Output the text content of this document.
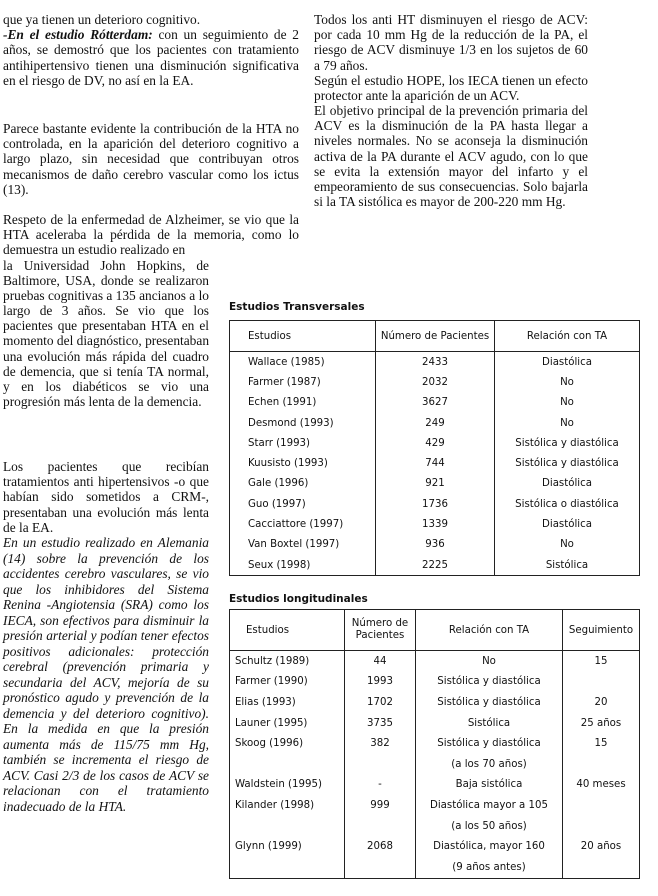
que ya tienen un deterioro cognitivo.
-En el estudio Rótterdam: con un seguimiento de 2 años, se demostró que los pacientes con tratamiento antihipertensivo tienen una disminución significativa en el riesgo de DV, no así en la EA.
Parece bastante evidente la contribución de la HTA no controlada, en la aparición del deterioro cognitivo a largo plazo, sin necesidad que contribuyan otros mecanismos de daño cerebro vascular como los ictus (13).
Respeto de la enfermedad de Alzheimer, se vio que la HTA aceleraba la pérdida de la memoria, como lo demuestra un estudio realizado en
la Universidad John Hopkins, de Baltimore, USA, donde se realizaron pruebas cognitivas a 135 ancianos a lo largo de 3 años. Se vio que los pacientes que presentaban HTA en el momento del diagnóstico, presentaban una evolución más rápida del cuadro de demencia, que si tenía TA normal, y en los diabéticos se vio una progresión más lenta de la demencia.
Los pacientes que recibían tratamientos anti hipertensivos -o que habían sido sometidos a CRM-, presentaban una evolución más lenta de la EA.
En un estudio realizado en Alemania (14) sobre la prevención de los accidentes cerebro vasculares, se vio que los inhibidores del Sistema Renina -Angiotensia (SRA) como los IECA, son efectivos para disminuir la presión arterial y podían tener efectos positivos adicionales: protección cerebral (prevención primaria y secundaria del ACV, mejoría de su pronóstico agudo y prevención de la demencia y del deterioro cognitivo). En la medida en que la presión aumenta más de 115/75 mm Hg, también se incrementa el riesgo de ACV. Casi 2/3 de los casos de ACV se relacionan con el tratamiento inadecuado de la HTA.
Todos los anti HT disminuyen el riesgo de ACV: por cada 10 mm Hg de la reducción de la PA, el riesgo de ACV disminuye 1/3 en los sujetos de 60 a 79 años.
Según el estudio HOPE, los IECA tienen un efecto protector ante la aparición de un ACV.
El objetivo principal de la prevención primaria del ACV es la disminución de la PA hasta llegar a niveles normales. No se aconseja la disminución activa de la PA durante el ACV agudo, con lo que se evita la extensión mayor del infarto y el empeoramiento de sus consecuencias. Solo bajarla si la TA sistólica es mayor de 200-220 mm Hg.
Estudios Transversales
Estudios	Número de Pacientes	Relación con TA
Wallace (1985)	2433	Diastólica
Farmer (1987)	2032	No
Echen (1991)	3627	No
Desmond (1993)	249	No
Starr (1993)	429	Sistólica y diastólica
Kuusisto (1993)	744	Sistólica y diastólica
Gale (1996)	921	Diastólica
Guo (1997)	1736	Sistólica o diastólica
Cacciattore (1997)	1339	Diastólica
Van Boxtel (1997)	936	No
Seux (1998)	2225	Sistólica
Estudios longitudinales
Estudios	Número de Pacientes	Relación con TA	Seguimiento
Schultz (1989)	44	No	15
Farmer (1990)	1993	Sistólica y diastólica	
Elias (1993)	1702	Sistólica y diastólica	20
Launer (1995)	3735	Sistólica	25 años
Skoog (1996)	382	Sistólica y diastólica	15
		(a los 70 años)	
Waldstein (1995)	-	Baja sistólica	40 meses
Kilander (1998)	999	Diastólica mayor a 105	
		(a los 50 años)	
Glynn (1999)	2068	Diastólica, mayor 160	20 años
		(9 años antes)	
